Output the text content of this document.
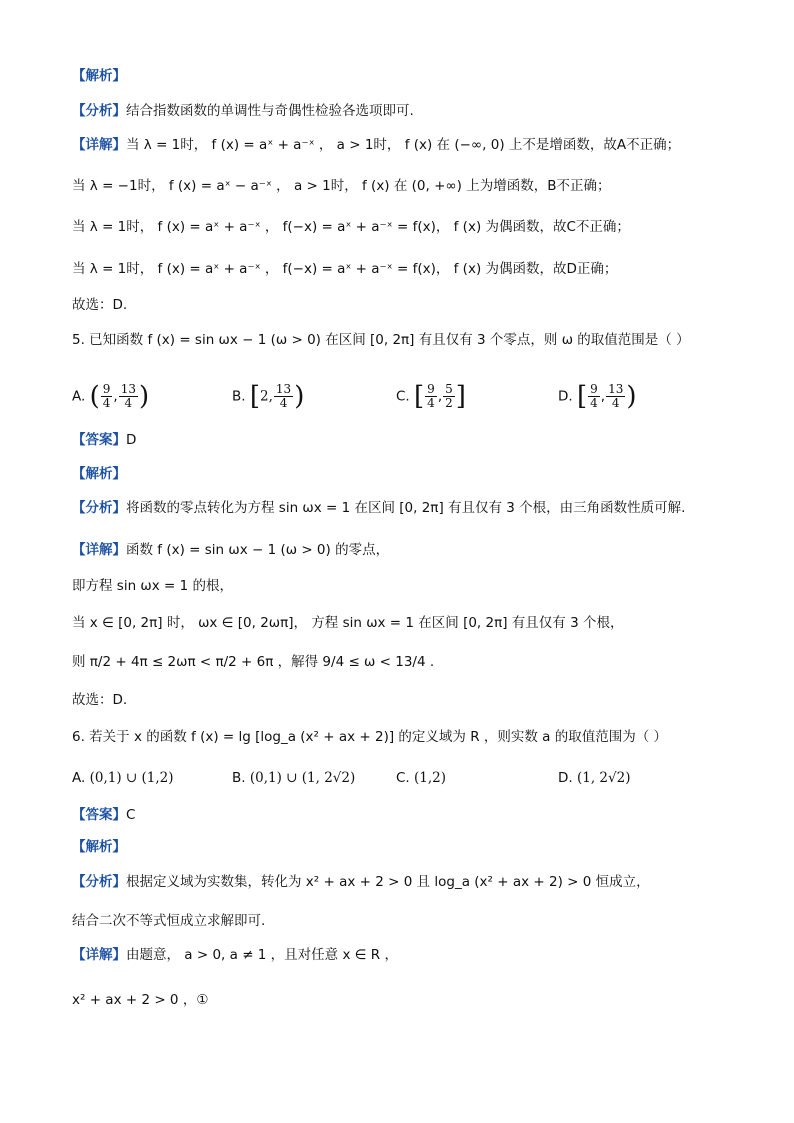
【解析】
【分析】结合指数函数的单调性与奇偶性检验各选项即可.
【详解】当 λ = 1时， f (x) = aˣ + a⁻ˣ ， a > 1时， f (x) 在 (−∞, 0) 上不是增函数，故A不正确；
当 λ = −1时， f (x) = aˣ − a⁻ˣ ， a > 1时， f (x) 在 (0, +∞) 上为增函数，B不正确；
当 λ = 1时， f (x) = aˣ + a⁻ˣ ， f(−x) = aˣ + a⁻ˣ = f(x)， f (x) 为偶函数，故C不正确；
当 λ = 1时， f (x) = aˣ + a⁻ˣ ， f(−x) = aˣ + a⁻ˣ = f(x)， f (x) 为偶函数，故D正确；
故选：D.
5. 已知函数 f (x) = sin ωx − 1 (ω > 0) 在区间 [0, 2π] 有且仅有 3 个零点，则 ω 的取值范围是（ ）
A. ( $\frac{9}{4}$ , $\frac{13}{4}$ )	B. [2, $\frac{13}{4}$ )	C. [ $\frac{9}{4}$ , $\frac{5}{2}$ ]	D. [ $\frac{9}{4}$ , $\frac{13}{4}$ )
【答案】D
【解析】
【分析】将函数的零点转化为方程 sin ωx = 1 在区间 [0, 2π] 有且仅有 3 个根，由三角函数性质可解.
【详解】函数 f (x) = sin ωx − 1 (ω > 0) 的零点，
即方程 sin ωx = 1 的根，
当 x ∈ [0, 2π] 时， ωx ∈ [0, 2ωπ]， 方程 sin ωx = 1 在区间 [0, 2π] 有且仅有 3 个根，
则 π/2 + 4π ≤ 2ωπ < π/2 + 6π ，解得 9/4 ≤ ω < 13/4 .
故选：D.
6. 若关于 x 的函数 f (x) = lg [log_a (x² + ax + 2)] 的定义域为 R ，则实数 a 的取值范围为（ ）
A. (0,1) ∪ (1,2)	B. (0,1) ∪ (1, 2√2)	C. (1,2)	D. (1, 2√2)
【答案】C
【解析】
【分析】根据定义域为实数集，转化为 x² + ax + 2 > 0 且 log_a (x² + ax + 2) > 0 恒成立，
结合二次不等式恒成立求解即可.
【详解】由题意， a > 0, a ≠ 1 ，且对任意 x ∈ R ，
x² + ax + 2 > 0 ，①
